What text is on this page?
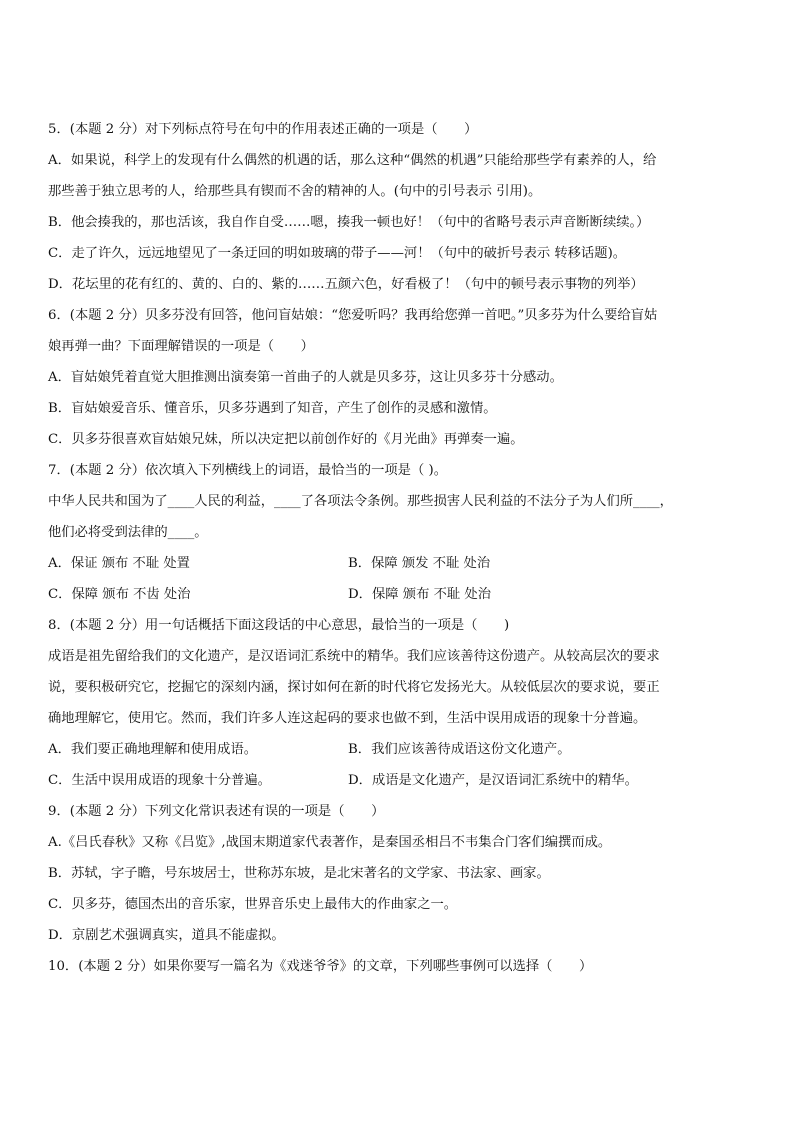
5．(本题 2 分）对下列标点符号在句中的作用表述正确的一项是（　　）
A．如果说，科学上的发现有什么偶然的机遇的话，那么这种“偶然的机遇”只能给那些学有素养的人，给
那些善于独立思考的人，给那些具有锲而不舍的精神的人。(句中的引号表示 引用)。
B．他会揍我的，那也活该，我自作自受……嗯，揍我一顿也好！（句中的省略号表示声音断断续续。）
C．走了许久，远远地望见了一条迂回的明如玻璃的带子——河！（句中的破折号表示 转移话题)。
D．花坛里的花有红的、黄的、白的、紫的……五颜六色，好看极了！（句中的顿号表示事物的列举）
6．(本题 2 分）贝多芬没有回答，他问盲姑娘：“您爱听吗？我再给您弹一首吧。”贝多芬为什么要给盲姑
娘再弹一曲？下面理解错误的一项是（　　）
A．盲姑娘凭着直觉大胆推测出演奏第一首曲子的人就是贝多芬，这让贝多芬十分感动。
B．盲姑娘爱音乐、懂音乐，贝多芬遇到了知音，产生了创作的灵感和激情。
C．贝多芬很喜欢盲姑娘兄妹，所以决定把以前创作好的《月光曲》再弹奏一遍。
7．(本题 2 分）依次填入下列横线上的词语，最恰当的一项是（ )。
中华人民共和国为了____人民的利益，____了各项法令条例。那些损害人民利益的不法分子为人们所____，
他们必将受到法律的____。
A．保证 颁布 不耻 处置	B．保障 颁发 不耻 处治
C．保障 颁布 不齿 处治	D．保障 颁布 不耻 处治
8．(本题 2 分）用一句话概括下面这段话的中心意思，最恰当的一项是（　　)
成语是祖先留给我们的文化遗产，是汉语词汇系统中的精华。我们应该善待这份遗产。从较高层次的要求
说，要积极研究它，挖掘它的深刻内涵，探讨如何在新的时代将它发扬光大。从较低层次的要求说，要正
确地理解它，使用它。然而，我们许多人连这起码的要求也做不到，生活中误用成语的现象十分普遍。
A．我们要正确地理解和使用成语。	B．我们应该善待成语这份文化遗产。
C．生活中误用成语的现象十分普遍。	D．成语是文化遗产，是汉语词汇系统中的精华。
9．(本题 2 分）下列文化常识表述有误的一项是（　　）
A.《吕氏春秋》又称《吕览》,战国末期道家代表著作，是秦国丞相吕不韦集合门客们编撰而成。
B．苏轼，字子瞻，号东坡居士，世称苏东坡，是北宋著名的文学家、书法家、画家。
C．贝多芬，德国杰出的音乐家，世界音乐史上最伟大的作曲家之一。
D．京剧艺术强调真实，道具不能虚拟。
10．(本题 2 分）如果你要写一篇名为《戏迷爷爷》的文章，下列哪些事例可以选择（　　）
